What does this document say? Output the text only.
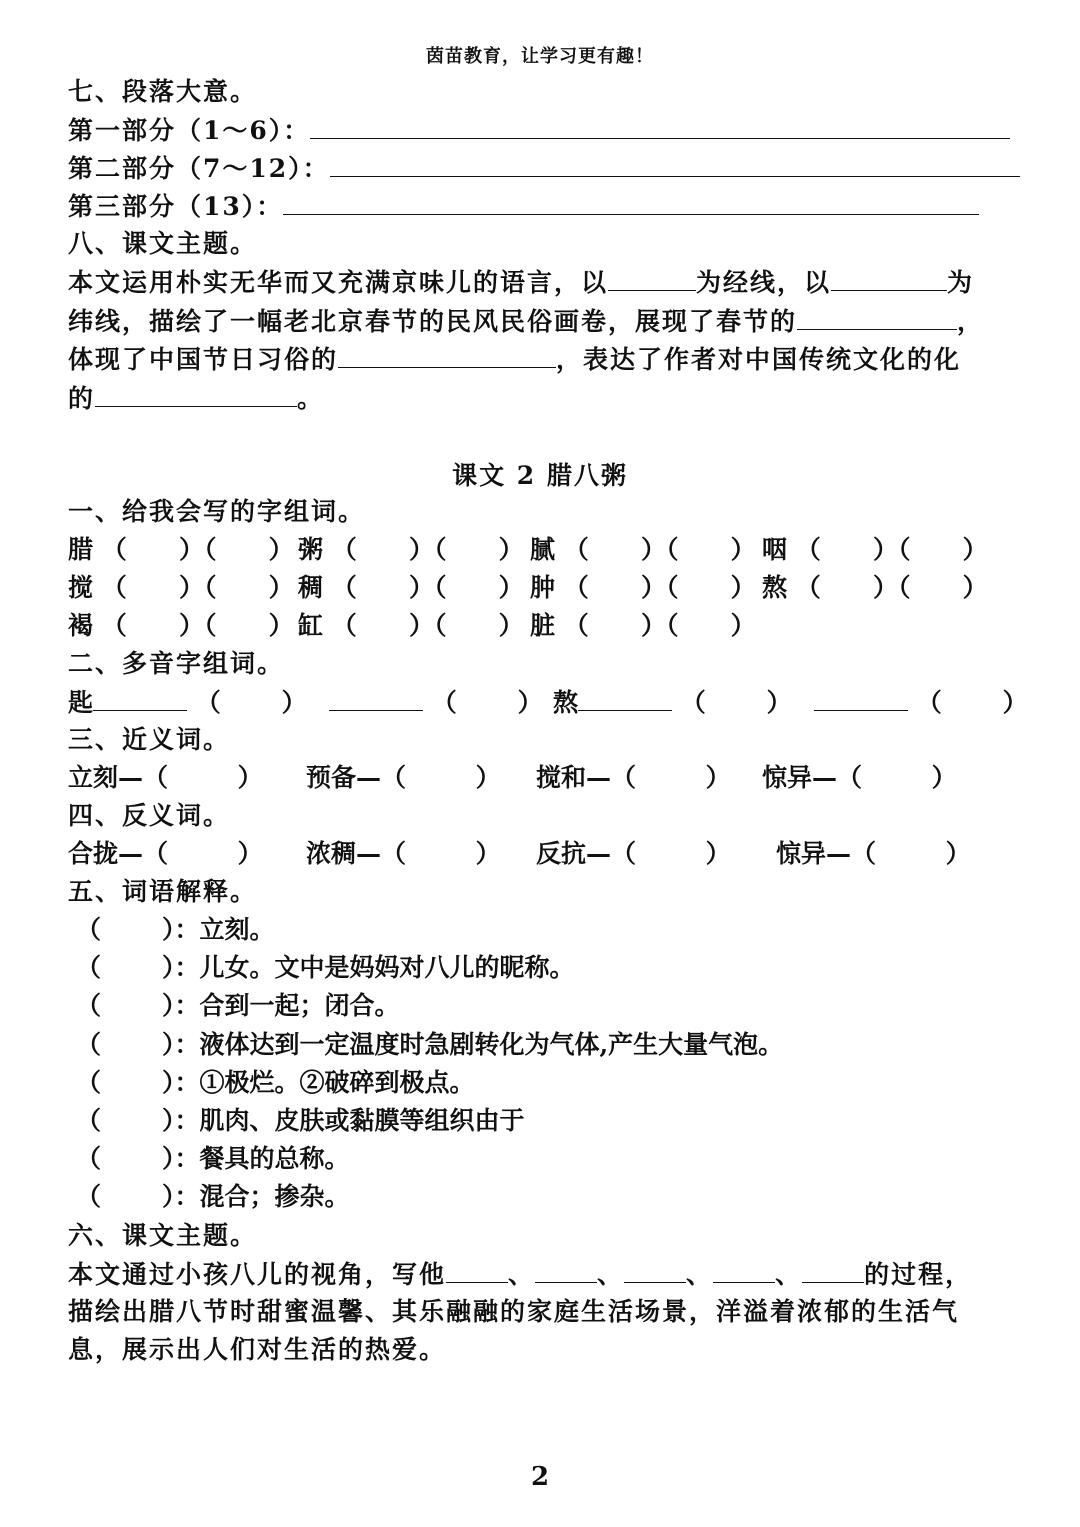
茵苗教育，让学习更有趣！
七、段落大意。
第一部分（1～6）：
第二部分（7～12）：
第三部分（13）：
八、课文主题。
本文运用朴实无华而又充满京味儿的语言，以	为经线，以	为
纬线，描绘了一幅老北京春节的民风民俗画卷，展现了春节的	，
体现了中国节日习俗的	，表达了作者对中国传统文化的化
的	。
课文 2 腊八粥
一、给我会写的字组词。
腊 （      ）（      ） 粥 （      ）（      ） 腻 （      ）（      ） 咽 （      ）（      ）
搅 （      ）（      ） 稠 （      ）（      ） 肿 （      ）（      ） 熬 （      ）（      ）
褐 （      ）（      ） 缸 （      ）（      ） 脏 （      ）（      ）
二、多音字组词。
匙	（       ）	（       ） 熬	（       ）	（       ）
三、近义词。
立刻—（        ） 预备—（        ） 搅和—（        ） 惊异—（        ）
四、反义词。
合拢—（        ） 浓稠—（        ） 反抗—（        ） 惊异—（        ）
五、词语解释。
（       ）：立刻。
（       ）：儿女。文中是妈妈对八儿的昵称。
（       ）：合到一起；闭合。
（       ）：液体达到一定温度时急剧转化为气体,产生大量气泡。
（       ）：①极烂。②破碎到极点。
（       ）：肌肉、皮肤或黏膜等组织由于
（       ）：餐具的总称。
（       ）：混合；掺杂。
六、课文主题。
本文通过小孩八儿的视角，写他 、 、 、 、 的过程，
描绘出腊八节时甜蜜温馨、其乐融融的家庭生活场景，洋溢着浓郁的生活气
息，展示出人们对生活的热爱。
2
